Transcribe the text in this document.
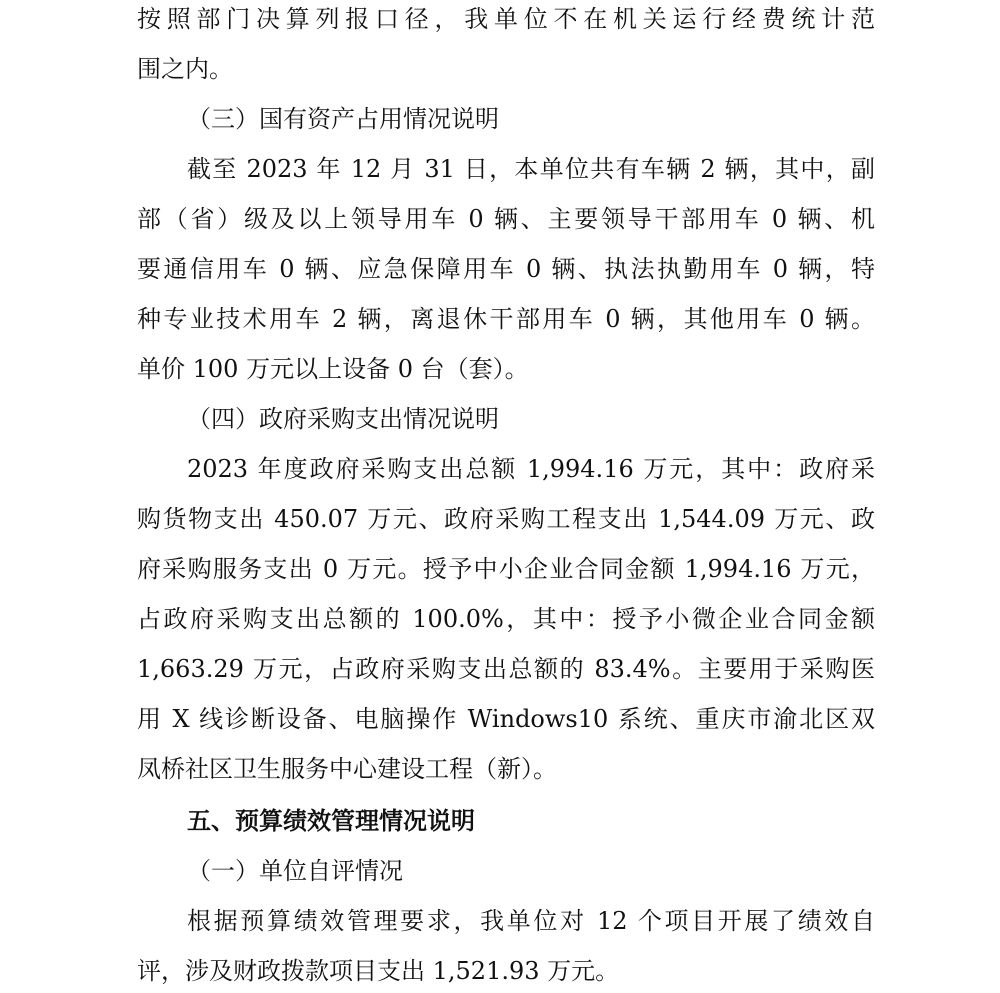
按照部门决算列报口径，我单位不在机关运行经费统计范
围之内。
（三）国有资产占用情况说明
截至 2023 年 12 月 31 日，本单位共有车辆 2 辆，其中，副
部（省）级及以上领导用车 0 辆、主要领导干部用车 0 辆、机
要通信用车 0 辆、应急保障用车 0 辆、执法执勤用车 0 辆，特
种专业技术用车 2 辆，离退休干部用车 0 辆，其他用车 0 辆。
单价 100 万元以上设备 0 台（套）。
（四）政府采购支出情况说明
2023 年度政府采购支出总额 1,994.16 万元，其中：政府采
购货物支出 450.07 万元、政府采购工程支出 1,544.09 万元、政
府采购服务支出 0 万元。授予中小企业合同金额 1,994.16 万元，
占政府采购支出总额的 100.0%，其中：授予小微企业合同金额
1,663.29 万元，占政府采购支出总额的 83.4%。主要用于采购医
用 X 线诊断设备、电脑操作 Windows10 系统、重庆市渝北区双
凤桥社区卫生服务中心建设工程（新）。
五、预算绩效管理情况说明
（一）单位自评情况
根据预算绩效管理要求，我单位对 12 个项目开展了绩效自
评，涉及财政拨款项目支出 1,521.93 万元。
